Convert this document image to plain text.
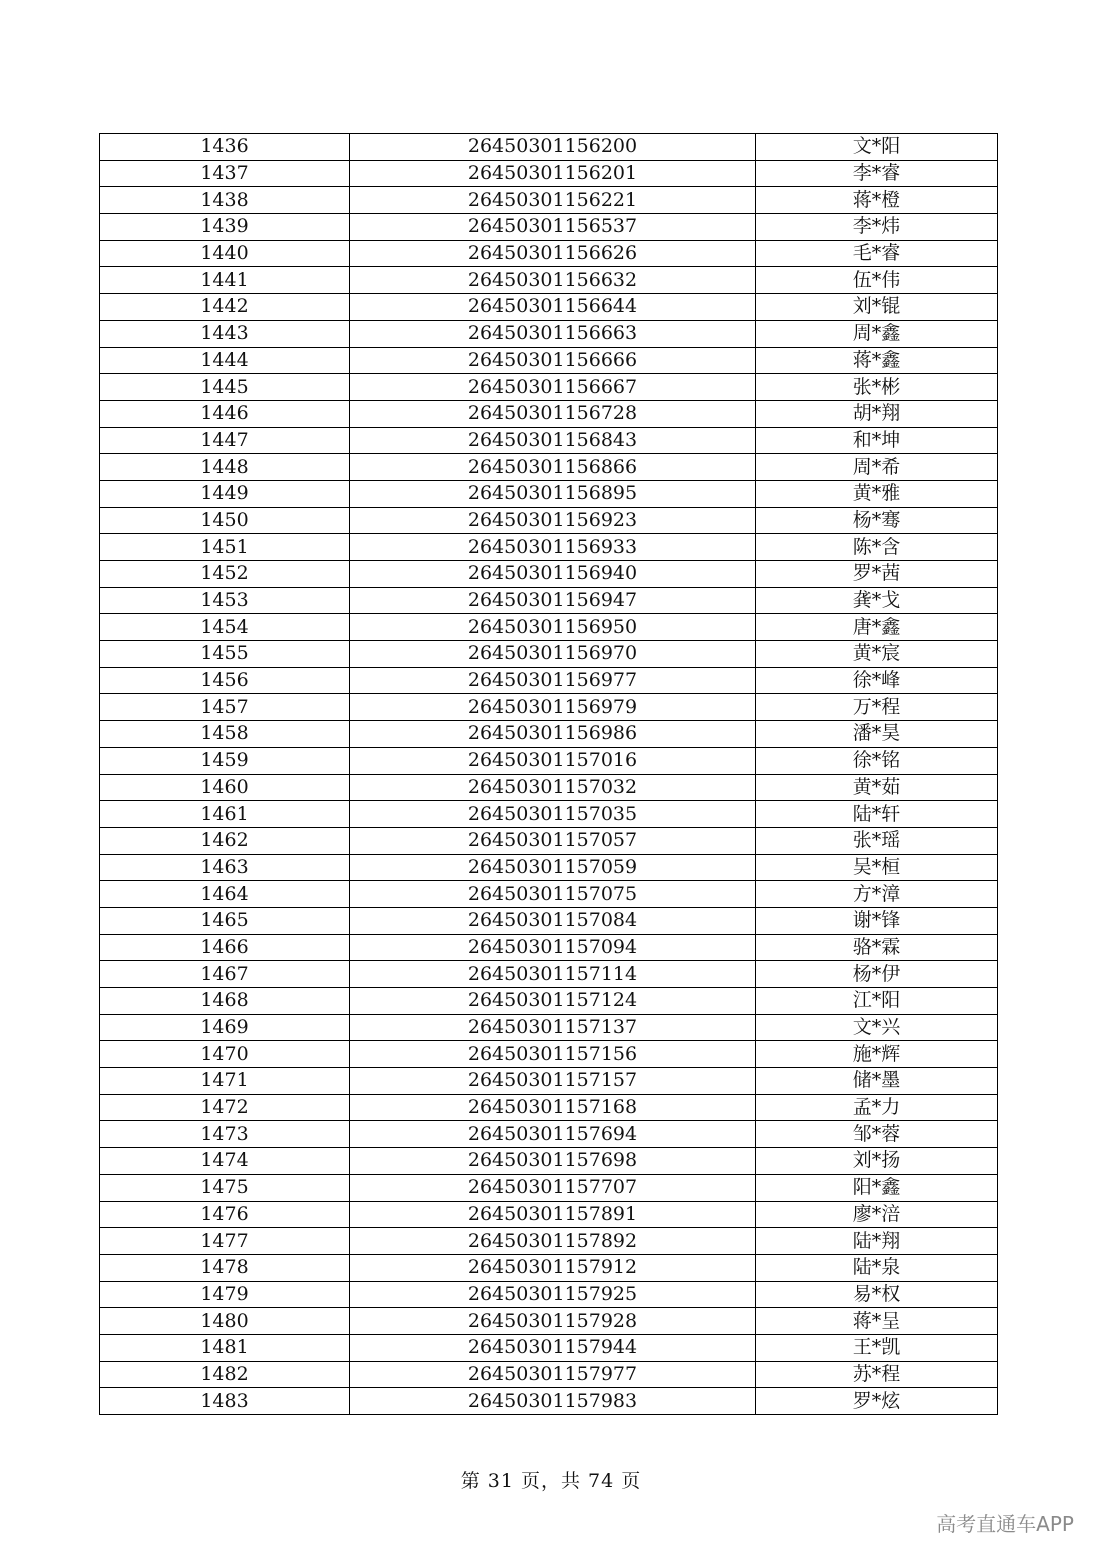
1436	26450301156200	文*阳
1437	26450301156201	李*睿
1438	26450301156221	蒋*橙
1439	26450301156537	李*炜
1440	26450301156626	毛*睿
1441	26450301156632	伍*伟
1442	26450301156644	刘*锟
1443	26450301156663	周*鑫
1444	26450301156666	蒋*鑫
1445	26450301156667	张*彬
1446	26450301156728	胡*翔
1447	26450301156843	和*坤
1448	26450301156866	周*希
1449	26450301156895	黄*雅
1450	26450301156923	杨*骞
1451	26450301156933	陈*含
1452	26450301156940	罗*茜
1453	26450301156947	龚*戈
1454	26450301156950	唐*鑫
1455	26450301156970	黄*宸
1456	26450301156977	徐*峰
1457	26450301156979	万*程
1458	26450301156986	潘*昊
1459	26450301157016	徐*铭
1460	26450301157032	黄*茹
1461	26450301157035	陆*轩
1462	26450301157057	张*瑶
1463	26450301157059	吴*桓
1464	26450301157075	方*漳
1465	26450301157084	谢*锋
1466	26450301157094	骆*霖
1467	26450301157114	杨*伊
1468	26450301157124	江*阳
1469	26450301157137	文*兴
1470	26450301157156	施*辉
1471	26450301157157	储*墨
1472	26450301157168	孟*力
1473	26450301157694	邹*蓉
1474	26450301157698	刘*扬
1475	26450301157707	阳*鑫
1476	26450301157891	廖*涪
1477	26450301157892	陆*翔
1478	26450301157912	陆*泉
1479	26450301157925	易*权
1480	26450301157928	蒋*呈
1481	26450301157944	王*凯
1482	26450301157977	苏*程
1483	26450301157983	罗*炫
第 31 页，共 74 页
高考直通车APP
